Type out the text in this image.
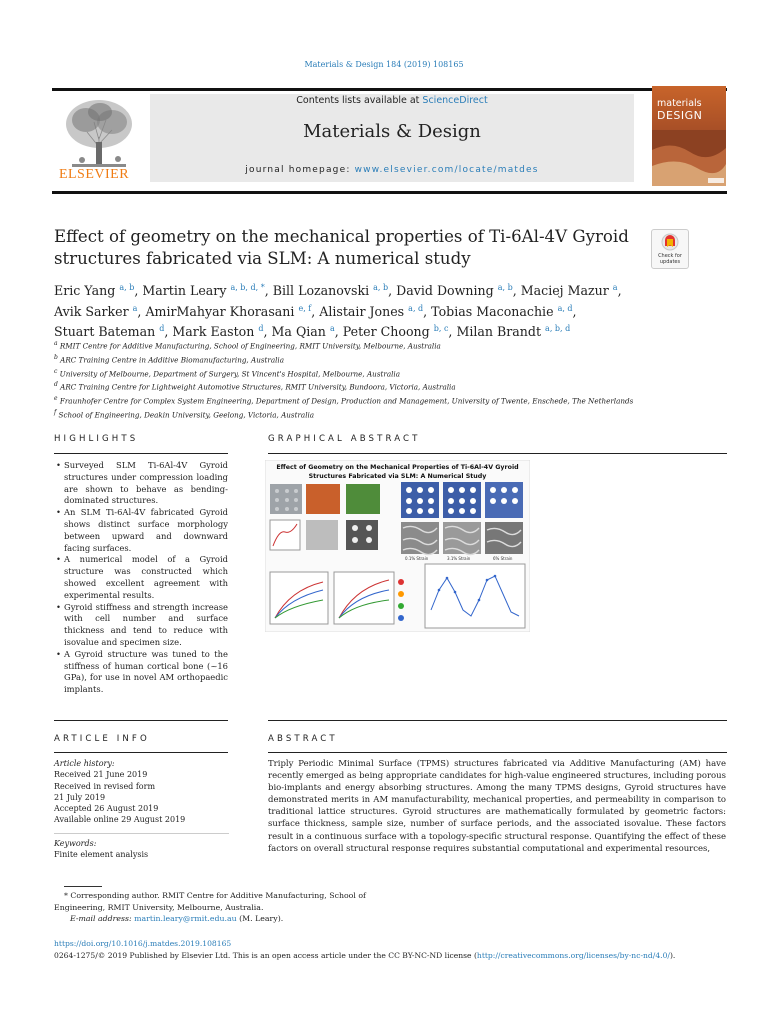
Materials & Design 184 (2019) 108165
ELSEVIER
Contents lists available at ScienceDirect
Materials & Design
journal homepage: www.elsevier.com/locate/matdes
materials
DESIGN
Effect of geometry on the mechanical properties of Ti-6Al-4V Gyroid structures fabricated via SLM: A numerical study	Check for updates
Eric Yang $^{a, b}$, Martin Leary $^{a, b, d, *}$, Bill Lozanovski $^{a, b}$, David Downing $^{a, b}$, Maciej Mazur $^a$,
Avik Sarker $^a$, AmirMahyar Khorasani $^{e, f}$, Alistair Jones $^{a, d}$, Tobias Maconachie $^{a, d}$,
Stuart Bateman $^d$, Mark Easton $^d$, Ma Qian $^a$, Peter Choong $^{b, c}$, Milan Brandt $^{a, b, d}$
$^a$ RMIT Centre for Additive Manufacturing, School of Engineering, RMIT University, Melbourne, Australia
$^b$ ARC Training Centre in Additive Biomanufacturing, Australia
$^c$ University of Melbourne, Department of Surgery, St Vincent's Hospital, Melbourne, Australia
$^d$ ARC Training Centre for Lightweight Automotive Structures, RMIT University, Bundoora, Victoria, Australia
$^e$ Fraunhofer Centre for Complex System Engineering, Department of Design, Production and Management, University of Twente, Enschede, The Netherlands
$^f$ School of Engineering, Deakin University, Geelong, Victoria, Australia
HIGHLIGHTS
• Surveyed SLM Ti-6Al-4V Gyroid structures under compression loading are shown to behave as bending-dominated structures.
• An SLM Ti-6Al-4V fabricated Gyroid shows distinct surface morphology between upward and downward facing surfaces.
• A numerical model of a Gyroid structure was constructed which showed excellent agreement with experimental results.
• Gyroid stiffness and strength increase with cell number and surface thickness and tend to reduce with isovalue and specimen size.
• A Gyroid structure was tuned to the stiffness of human cortical bone (~16 GPa), for use in novel AM orthopaedic implants.
GRAPHICAL ABSTRACT
0.1% Strain	3.1% Strain	6% Strain
Effect of Geometry on the Mechanical Properties of Ti-6Al-4V Gyroid Structures Fabricated via SLM: A Numerical Study
ARTICLE INFO
Article history:
Received 21 June 2019
Received in revised form
21 July 2019
Accepted 26 August 2019
Available online 29 August 2019
Keywords:
Finite element analysis
ABSTRACT
Triply Periodic Minimal Surface (TPMS) structures fabricated via Additive Manufacturing (AM) have recently emerged as being appropriate candidates for high-value engineered structures, including porous bio-implants and energy absorbing structures. Among the many TPMS designs, Gyroid structures have demonstrated merits in AM manufacturability, mechanical properties, and permeability in comparison to traditional lattice structures. Gyroid structures are mathematically formulated by geometric factors: surface thickness, sample size, number of surface periods, and the associated isovalue. These factors result in a continuous surface with a topology-specific structural response. Quantifying the effect of these factors on overall structural response requires substantial computational and experimental resources,
* Corresponding author. RMIT Centre for Additive Manufacturing, School of Engineering, RMIT University, Melbourne, Australia.
E-mail address: martin.leary@rmit.edu.au (M. Leary).
https://doi.org/10.1016/j.matdes.2019.108165
0264-1275/© 2019 Published by Elsevier Ltd. This is an open access article under the CC BY-NC-ND license (http://creativecommons.org/licenses/by-nc-nd/4.0/).
